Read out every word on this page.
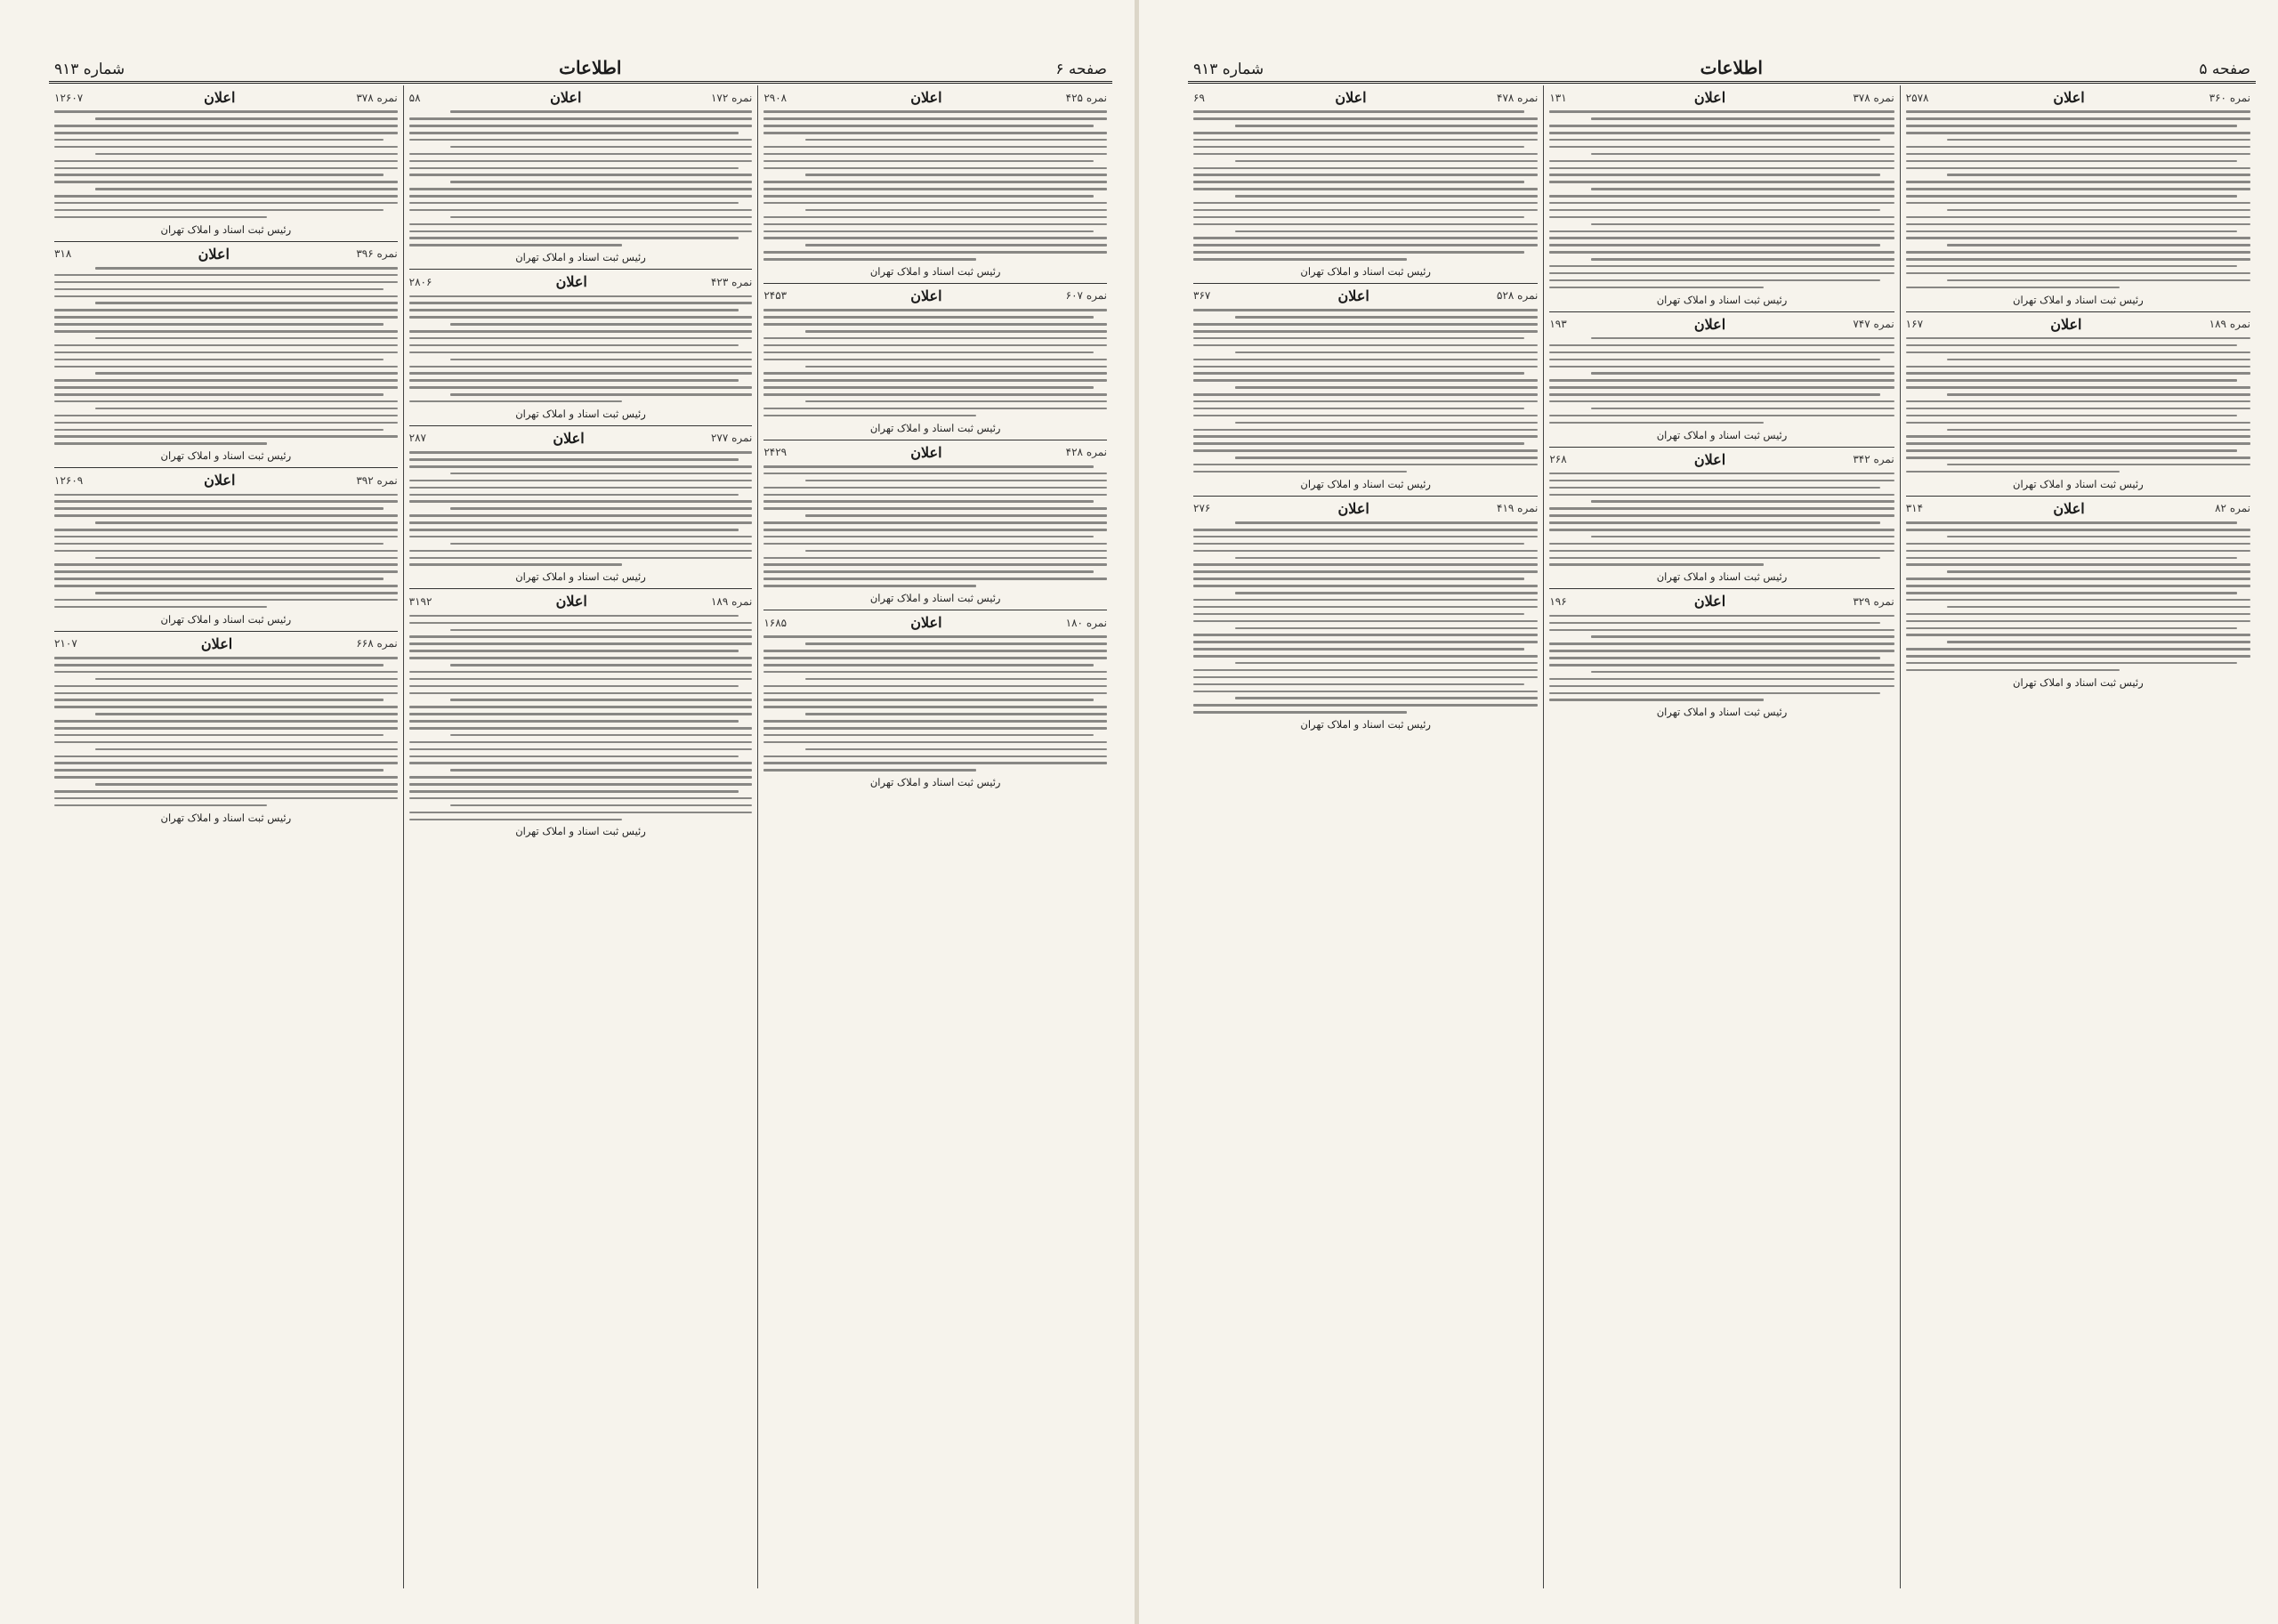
صفحه ۶
اطلاعات
شماره ۹۱۳
نمره ۴۲۵
اعلان
۲۹۰۸
رئیس ثبت اسناد و املاک تهران
نمره ۶۰۷
اعلان
۲۴۵۳
رئیس ثبت اسناد و املاک تهران
نمره ۴۲۸
اعلان
۲۴۲۹
رئیس ثبت اسناد و املاک تهران
نمره ۱۸۰
اعلان
۱۶۸۵
رئیس ثبت اسناد و املاک تهران
نمره ۱۷۲
اعلان
۵۸
رئیس ثبت اسناد و املاک تهران
نمره ۴۲۳
اعلان
۲۸۰۶
رئیس ثبت اسناد و املاک تهران
نمره ۲۷۷
اعلان
۲۸۷
رئیس ثبت اسناد و املاک تهران
نمره ۱۸۹
اعلان
۳۱۹۲
رئیس ثبت اسناد و املاک تهران
نمره ۳۷۸
اعلان
۱۲۶۰۷
رئیس ثبت اسناد و املاک تهران
نمره ۳۹۶
اعلان
۳۱۸
رئیس ثبت اسناد و املاک تهران
نمره ۳۹۲
اعلان
۱۲۶۰۹
رئیس ثبت اسناد و املاک تهران
نمره ۶۶۸
اعلان
۲۱۰۷
رئیس ثبت اسناد و املاک تهران
صفحه ۵
اطلاعات
شماره ۹۱۳
نمره ۳۶۰
اعلان
۲۵۷۸
رئیس ثبت اسناد و املاک تهران
نمره ۱۸۹
اعلان
۱۶۷
رئیس ثبت اسناد و املاک تهران
نمره ۸۲
اعلان
۳۱۴
رئیس ثبت اسناد و املاک تهران
نمره ۳۷۸
اعلان
۱۳۱
رئیس ثبت اسناد و املاک تهران
نمره ۷۴۷
اعلان
۱۹۳
رئیس ثبت اسناد و املاک تهران
نمره ۳۴۲
اعلان
۲۶۸
رئیس ثبت اسناد و املاک تهران
نمره ۳۲۹
اعلان
۱۹۶
رئیس ثبت اسناد و املاک تهران
نمره ۴۷۸
اعلان
۶۹
رئیس ثبت اسناد و املاک تهران
نمره ۵۲۸
اعلان
۳۶۷
رئیس ثبت اسناد و املاک تهران
نمره ۴۱۹
اعلان
۲۷۶
رئیس ثبت اسناد و املاک تهران
